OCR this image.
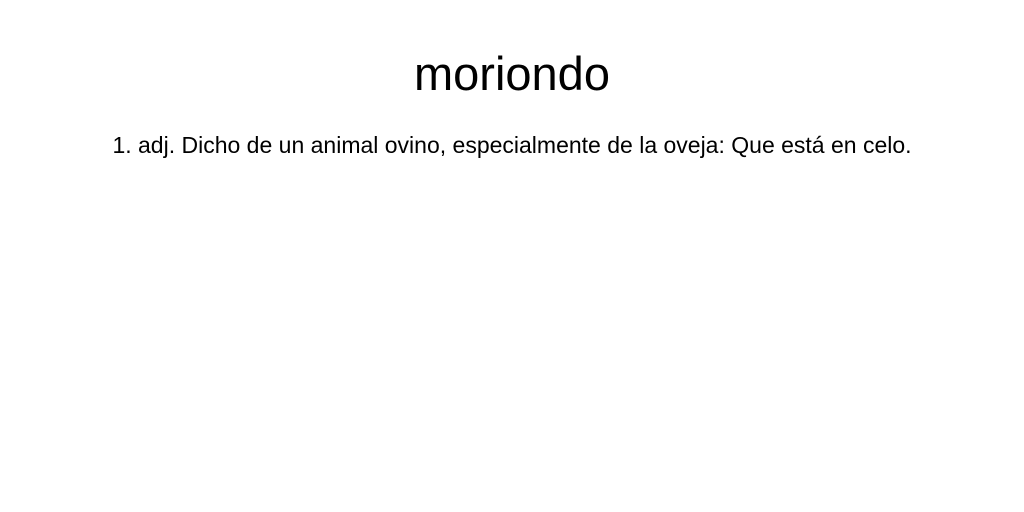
moriondo

1. adj. Dicho de un animal ovino, especialmente de la oveja: Que está en celo.
